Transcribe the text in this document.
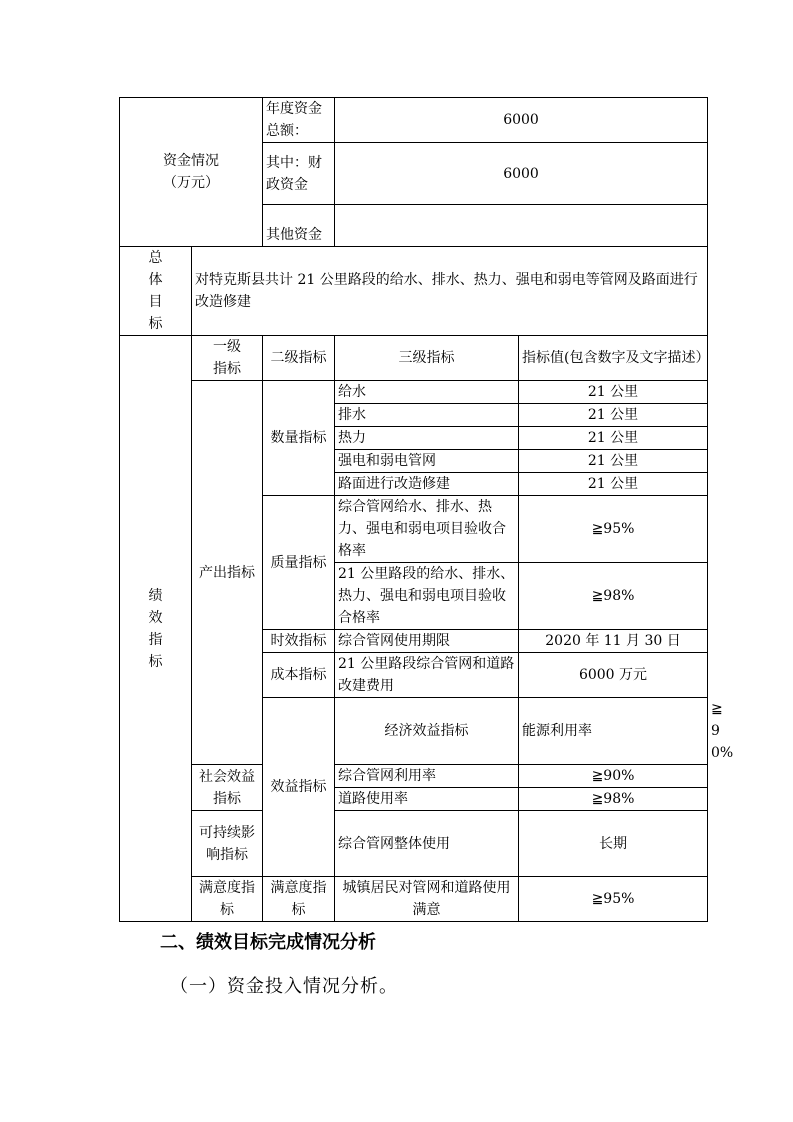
资金情况（万元）		年度资金总额：	6000		
		其中：财政资金	6000		
		其他资金			
总体目标	对特克斯县共计 21 公里路段的给水、排水、热力、强电和弱电等管网及路面进行改造修建				
绩效指标	一级指标	二级指标	三级指标	指标值(包含数字及文字描述）	
	产出指标	数量指标	给水	21 公里	
			排水	21 公里	
			热力	21 公里	
			强电和弱电管网	21 公里	
			路面进行改造修建	21 公里	
		质量指标	综合管网给水、排水、热力、强电和弱电项目验收合格率	≧95%	
			21 公里路段的给水、排水、热力、强电和弱电项目验收合格率	≧98%	
		时效指标	综合管网使用期限	2020 年 11 月 30 日	
		成本指标	21 公里路段综合管网和道路改建费用	6000 万元	
		效益指标	经济效益指标	能源利用率	≧90%
	社会效益指标		综合管网利用率	≧90%	
			道路使用率	≧98%	
	可持续影响指标		综合管网整体使用	长期	
	满意度指标	满意度指标	城镇居民对管网和道路使用满意	≧95%	
二、绩效目标完成情况分析
（一）资金投入情况分析。
